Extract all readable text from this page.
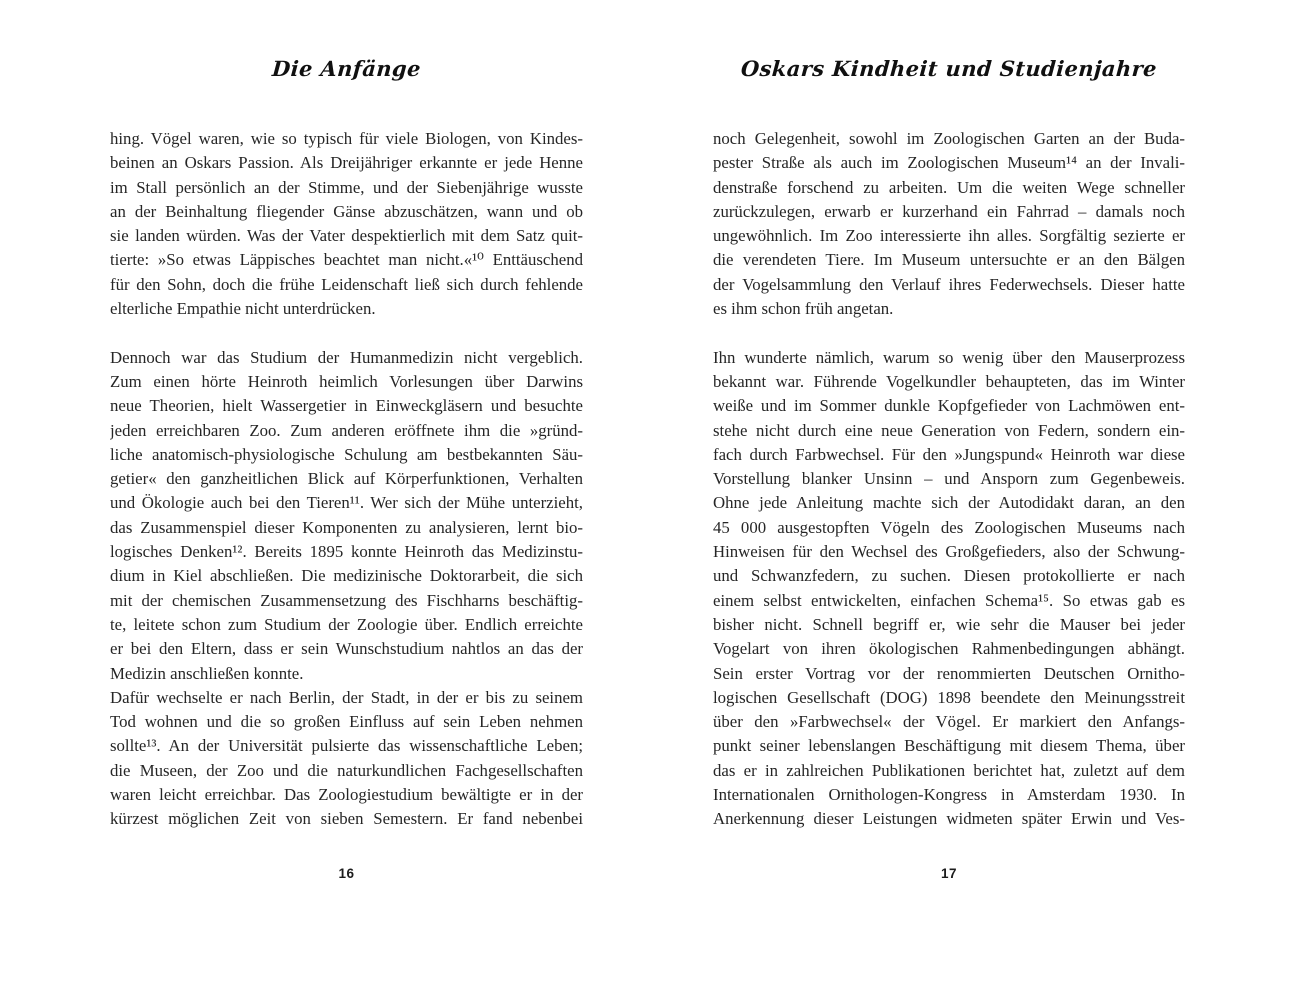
Die Anfänge
hing. Vögel waren, wie so typisch für viele Biologen, von Kindes-
beinen an Oskars Passion. Als Dreijähriger erkannte er jede Henne
im Stall persönlich an der Stimme, und der Siebenjährige wusste
an der Beinhaltung fliegender Gänse abzuschätzen, wann und ob
sie landen würden. Was der Vater despektierlich mit dem Satz quit-
tierte: »So etwas Läppisches beachtet man nicht.«¹⁰ Enttäuschend
für den Sohn, doch die frühe Leidenschaft ließ sich durch fehlende
elterliche Empathie nicht unterdrücken.
Dennoch war das Studium der Humanmedizin nicht vergeblich.
Zum einen hörte Heinroth heimlich Vorlesungen über Darwins
neue Theorien, hielt Wassergetier in Einweckgläsern und besuchte
jeden erreichbaren Zoo. Zum anderen eröffnete ihm die »gründ-
liche anatomisch-physiologische Schulung am bestbekannten Säu-
getier« den ganzheitlichen Blick auf Körperfunktionen, Verhalten
und Ökologie auch bei den Tieren¹¹. Wer sich der Mühe unterzieht,
das Zusammenspiel dieser Komponenten zu analysieren, lernt bio-
logisches Denken¹². Bereits 1895 konnte Heinroth das Medizinstu-
dium in Kiel abschließen. Die medizinische Doktorarbeit, die sich
mit der chemischen Zusammensetzung des Fischharns beschäftig-
te, leitete schon zum Studium der Zoologie über. Endlich erreichte
er bei den Eltern, dass er sein Wunschstudium nahtlos an das der
Medizin anschließen konnte.
Dafür wechselte er nach Berlin, der Stadt, in der er bis zu seinem
Tod wohnen und die so großen Einfluss auf sein Leben nehmen
sollte¹³. An der Universität pulsierte das wissenschaftliche Leben;
die Museen, der Zoo und die naturkundlichen Fachgesellschaften
waren leicht erreichbar. Das Zoologiestudium bewältigte er in der
kürzest möglichen Zeit von sieben Semestern. Er fand nebenbei
16
Oskars Kindheit und Studienjahre
noch Gelegenheit, sowohl im Zoologischen Garten an der Buda-
pester Straße als auch im Zoologischen Museum¹⁴ an der Invali-
denstraße forschend zu arbeiten. Um die weiten Wege schneller
zurückzulegen, erwarb er kurzerhand ein Fahrrad – damals noch
ungewöhnlich. Im Zoo interessierte ihn alles. Sorgfältig sezierte er
die verendeten Tiere. Im Museum untersuchte er an den Bälgen
der Vogelsammlung den Verlauf ihres Federwechsels. Dieser hatte
es ihm schon früh angetan.
Ihn wunderte nämlich, warum so wenig über den Mauserprozess
bekannt war. Führende Vogelkundler behaupteten, das im Winter
weiße und im Sommer dunkle Kopfgefieder von Lachmöwen ent-
stehe nicht durch eine neue Generation von Federn, sondern ein-
fach durch Farbwechsel. Für den »Jungspund« Heinroth war diese
Vorstellung blanker Unsinn – und Ansporn zum Gegenbeweis.
Ohne jede Anleitung machte sich der Autodidakt daran, an den
45 000 ausgestopften Vögeln des Zoologischen Museums nach
Hinweisen für den Wechsel des Großgefieders, also der Schwung-
und Schwanzfedern, zu suchen. Diesen protokollierte er nach
einem selbst entwickelten, einfachen Schema¹⁵. So etwas gab es
bisher nicht. Schnell begriff er, wie sehr die Mauser bei jeder
Vogelart von ihren ökologischen Rahmenbedingungen abhängt.
Sein erster Vortrag vor der renommierten Deutschen Ornitho-
logischen Gesellschaft (DOG) 1898 beendete den Meinungsstreit
über den »Farbwechsel« der Vögel. Er markiert den Anfangs-
punkt seiner lebenslangen Beschäftigung mit diesem Thema, über
das er in zahlreichen Publikationen berichtet hat, zuletzt auf dem
Internationalen Ornithologen-Kongress in Amsterdam 1930. In
Anerkennung dieser Leistungen widmeten später Erwin und Ves-
17
